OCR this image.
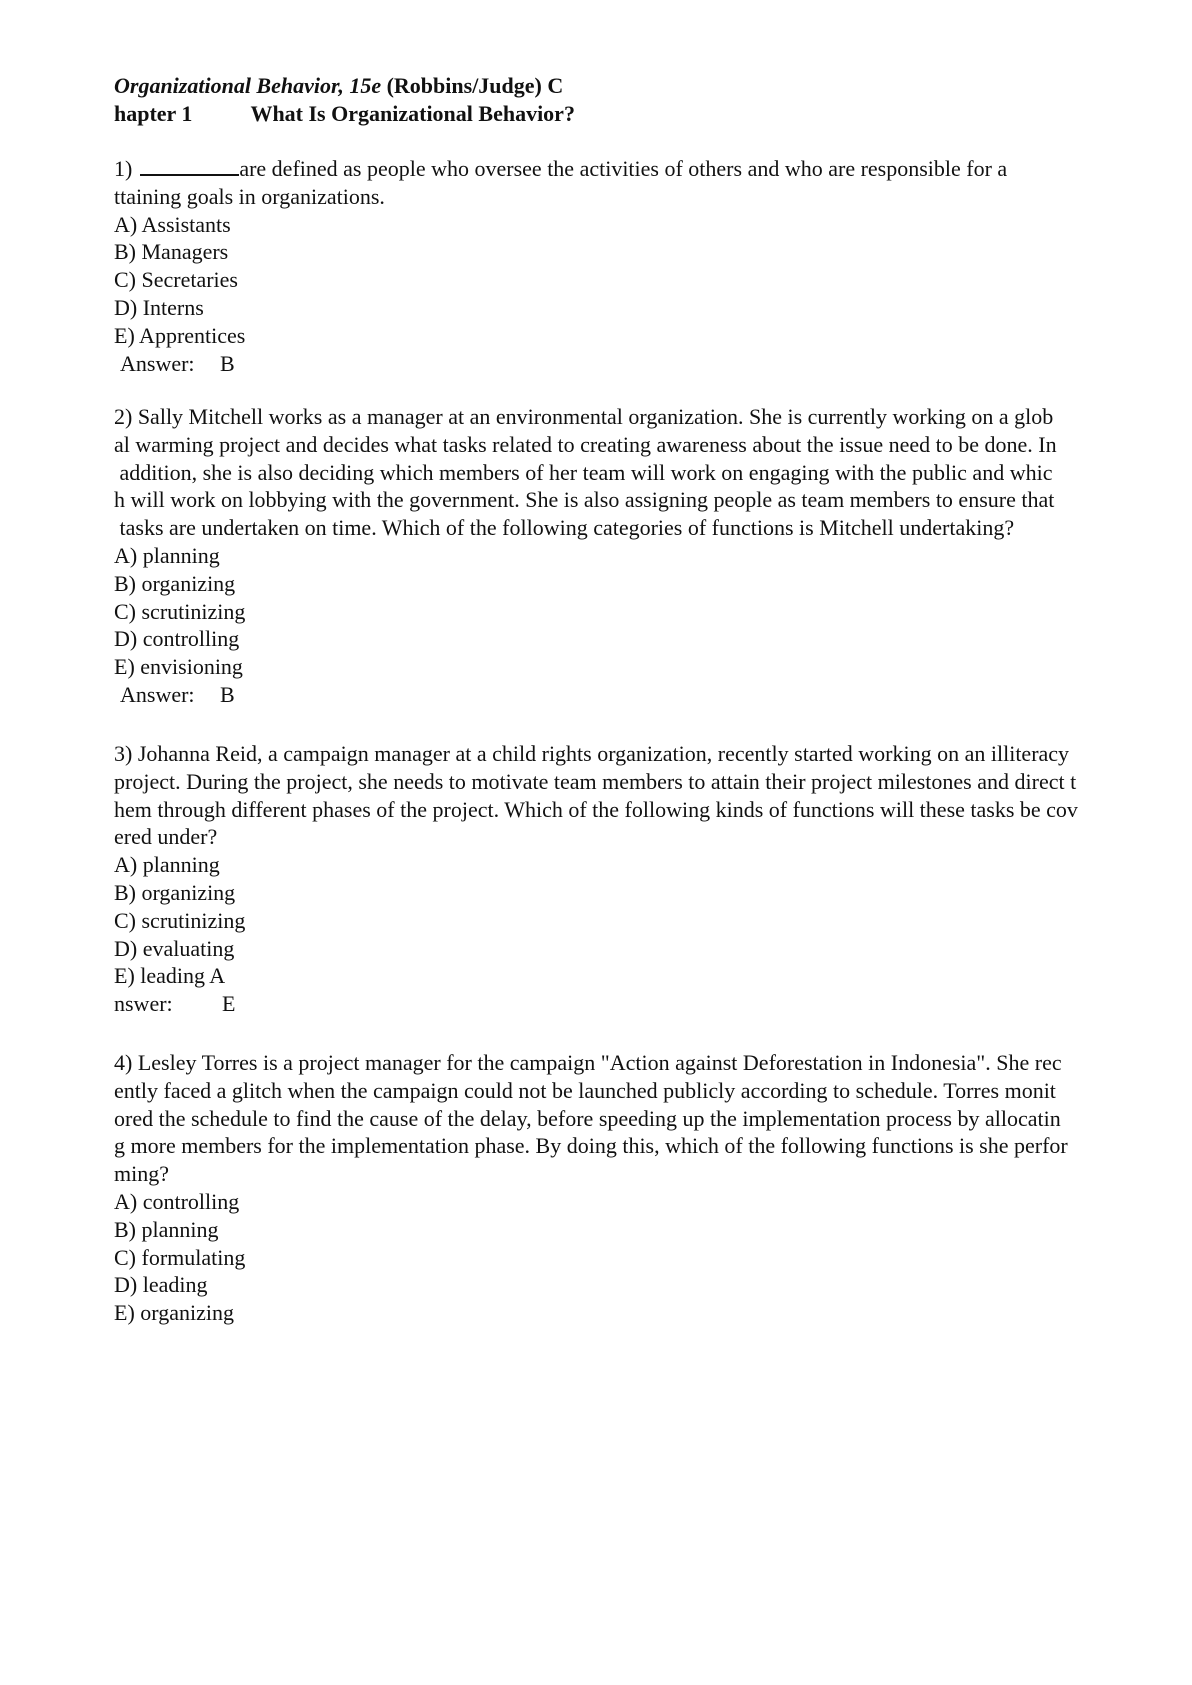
Organizational Behavior, 15e (Robbins/Judge) C
hapter 1	What Is Organizational Behavior?
1)	are defined as people who oversee the activities of others and who are responsible for a
ttaining goals in organizations.
A) Assistants
B) Managers
C) Secretaries
D) Interns
E) Apprentices
Answer: B
2) Sally Mitchell works as a manager at an environmental organization. She is currently working on a glob
al warming project and decides what tasks related to creating awareness about the issue need to be done. In
addition, she is also deciding which members of her team will work on engaging with the public and whic
h will work on lobbying with the government. She is also assigning people as team members to ensure that
tasks are undertaken on time. Which of the following categories of functions is Mitchell undertaking?
A) planning
B) organizing
C) scrutinizing
D) controlling
E) envisioning
Answer: B
3) Johanna Reid, a campaign manager at a child rights organization, recently started working on an illiteracy
project. During the project, she needs to motivate team members to attain their project milestones and direct t
hem through different phases of the project. Which of the following kinds of functions will these tasks be cov
ered under?
A) planning
B) organizing
C) scrutinizing
D) evaluating
E) leading A
nswer: E
4) Lesley Torres is a project manager for the campaign "Action against Deforestation in Indonesia". She rec
ently faced a glitch when the campaign could not be launched publicly according to schedule. Torres monit
ored the schedule to find the cause of the delay, before speeding up the implementation process by allocatin
g more members for the implementation phase. By doing this, which of the following functions is she perfor
ming?
A) controlling
B) planning
C) formulating
D) leading
E) organizing
